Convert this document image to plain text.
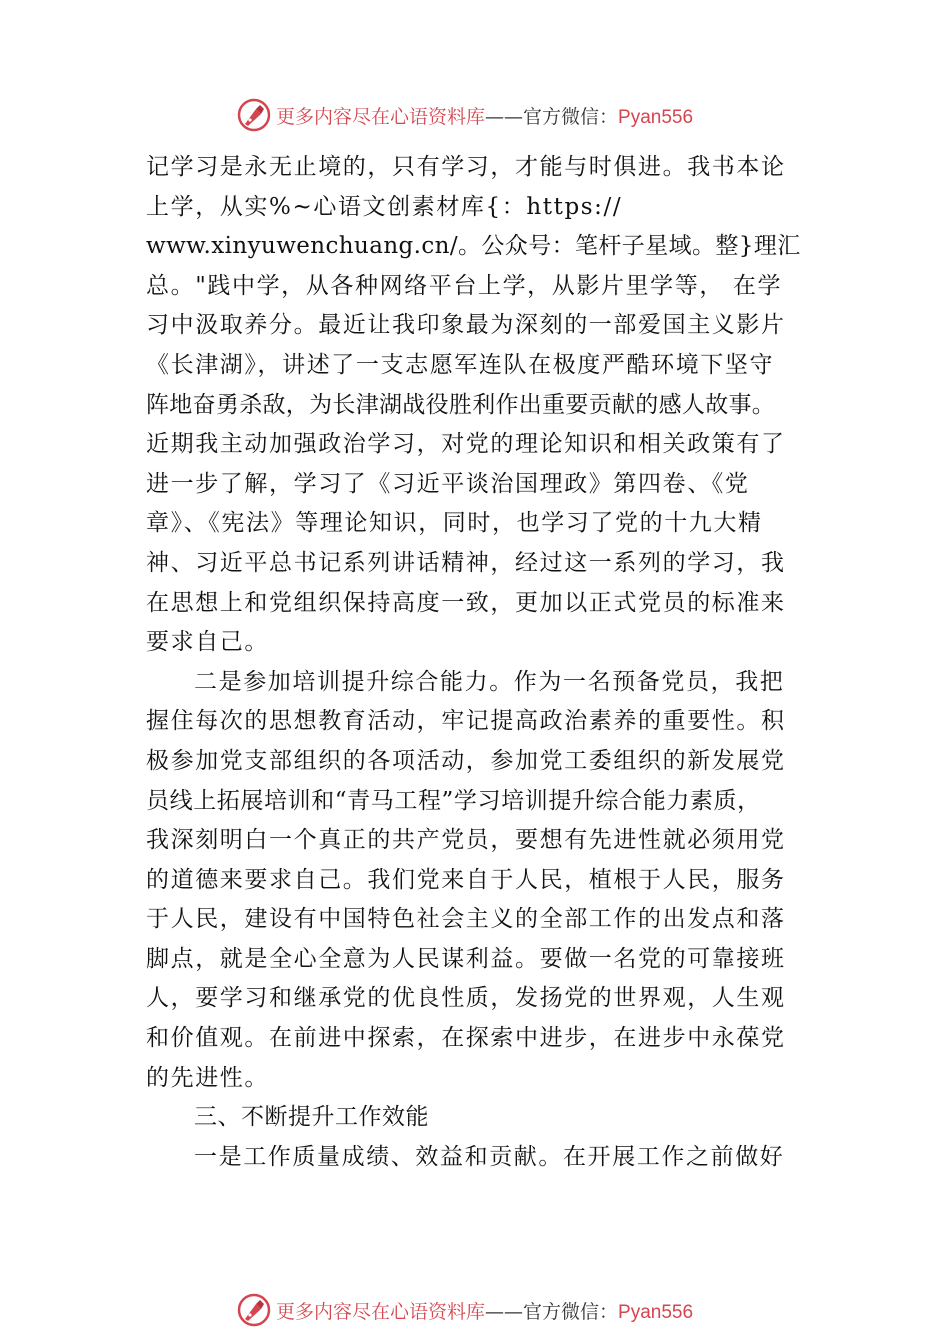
更多内容尽在心语资料库——官方微信：Pyan556
记学习是永无止境的，只有学习，才能与时俱进。我书本论
上学，从实%~心语文创素材库{：https://
www.xinyuwenchuang.cn/。公众号：笔杆子星域。整}理汇
总。"践中学，从各种网络平台上学，从影片里学等， 在学
习中汲取养分。最近让我印象最为深刻的一部爱国主义影片
《长津湖》，讲述了一支志愿军连队在极度严酷环境下坚守
阵地奋勇杀敌，为长津湖战役胜利作出重要贡献的感人故事。
近期我主动加强政治学习，对党的理论知识和相关政策有了
进一步了解，学习了《习近平谈治国理政》第四卷、《党
章》、《宪法》等理论知识，同时，也学习了党的十九大精
神、习近平总书记系列讲话精神，经过这一系列的学习，我
在思想上和党组织保持高度一致，更加以正式党员的标准来
要求自己。
二是参加培训提升综合能力。作为一名预备党员，我把
握住每次的思想教育活动，牢记提高政治素养的重要性。积
极参加党支部组织的各项活动，参加党工委组织的新发展党
员线上拓展培训和“青马工程”学习培训提升综合能力素质，
我深刻明白一个真正的共产党员，要想有先进性就必须用党
的道德来要求自己。我们党来自于人民，植根于人民，服务
于人民，建设有中国特色社会主义的全部工作的出发点和落
脚点，就是全心全意为人民谋利益。要做一名党的可靠接班
人，要学习和继承党的优良性质，发扬党的世界观，人生观
和价值观。在前进中探索，在探索中进步，在进步中永葆党
的先进性。
三、不断提升工作效能
一是工作质量成绩、效益和贡献。在开展工作之前做好
更多内容尽在心语资料库——官方微信：Pyan556
